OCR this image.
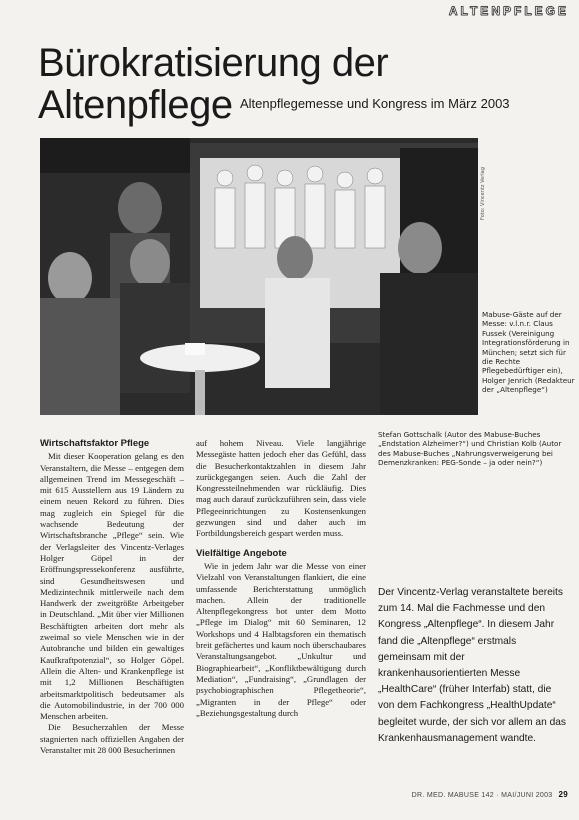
ALTENPFLEGE
Bürokratisierung der
Altenpflege Altenpflegemesse und Kongress im März 2003
Foto: Vincentz Verlag
Mabuse-Gäste auf der Messe: v.l.n.r. Claus Fussek (Vereinigung Integrationsförderung in München; setzt sich für die Rechte Pflegebedürftiger ein), Holger Jenrich (Redakteur der „Altenpflege“)
Stefan Gottschalk (Autor des Mabuse-Buches „Endstation Alzheimer?“) und Christian Kolb (Autor des Mabuse-Buches „Nahrungsverweigerung bei Demenzkranken: PEG-Sonde – ja oder nein?“)
Wirtschaftsfaktor Pflege

Mit dieser Kooperation gelang es den Veranstaltern, die Messe – entgegen dem allgemeinen Trend im Messegeschäft – mit 615 Ausstellern aus 19 Ländern zu einem neuen Rekord zu führen. Dies mag zugleich ein Spiegel für die wachsende Bedeutung der Wirtschaftsbranche „Pflege“ sein. Wie der Verlagsleiter des Vincentz-Verlages Holger Göpel in der Eröffnungspressekonferenz ausführte, sind Gesundheitswesen und Medizintechnik mittlerweile nach dem Handwerk der zweitgrößte Arbeitgeber in Deutschland. „Mit über vier Millionen Beschäftigten arbeiten dort mehr als zweimal so viele Menschen wie in der Autobranche und bilden ein gewaltiges Kaufkraftpotenzial“, so Holger Göpel. Allein die Alten- und Krankenpflege ist mit 1,2 Millionen Beschäftigten arbeitsmarktpolitisch bedeutsamer als die Automobilindustrie, in der 700 000 Menschen arbeiten.

Die Besucherzahlen der Messe stagnierten nach offiziellen Angaben der Veranstalter mit 28 000 Besucherinnen

auf hohem Niveau. Viele langjährige Messegäste hatten jedoch eher das Gefühl, dass die Besucherkontaktzahlen in diesem Jahr zurückgegangen seien. Auch die Zahl der Kongressteilnehmenden war rückläufig. Dies mag auch darauf zurückzuführen sein, dass viele Pflegeeinrichtungen zu Kostensenkungen gezwungen sind und daher auch im Fortbildungsbereich gespart werden muss.

Vielfältige Angebote

Wie in jedem Jahr war die Messe von einer Vielzahl von Veranstaltungen flankiert, die eine umfassende Berichterstattung unmöglich machen. Allein der traditionelle Altenpflegekongress bot unter dem Motto „Pflege im Dialog“ mit 60 Seminaren, 12 Workshops und 4 Halbtagsforen ein thematisch breit gefächertes und kaum noch überschaubares Veranstaltungsangebot. „Unkultur und Biographiearbeit“, „Konfliktbewältigung durch Mediation“, „Fundraising“, „Grundlagen der psychobiographischen Pflegetheorie“, „Migranten in der Pflege“ oder „Beziehungsgestaltung durch

Der Vincentz-Verlag veranstaltete bereits zum 14. Mal die Fachmesse und den Kongress „Altenpflege“. In diesem Jahr fand die „Altenpflege“ erstmals gemeinsam mit der krankenhausorientierten Messe „HealthCare“ (früher Interfab) statt, die von dem Fachkongress „HealthUpdate“ begleitet wurde, der sich vor allem an das Krankenhausmanagement wandte.
DR. MED. MABUSE 142 · MAI/JUNI 2003 29
